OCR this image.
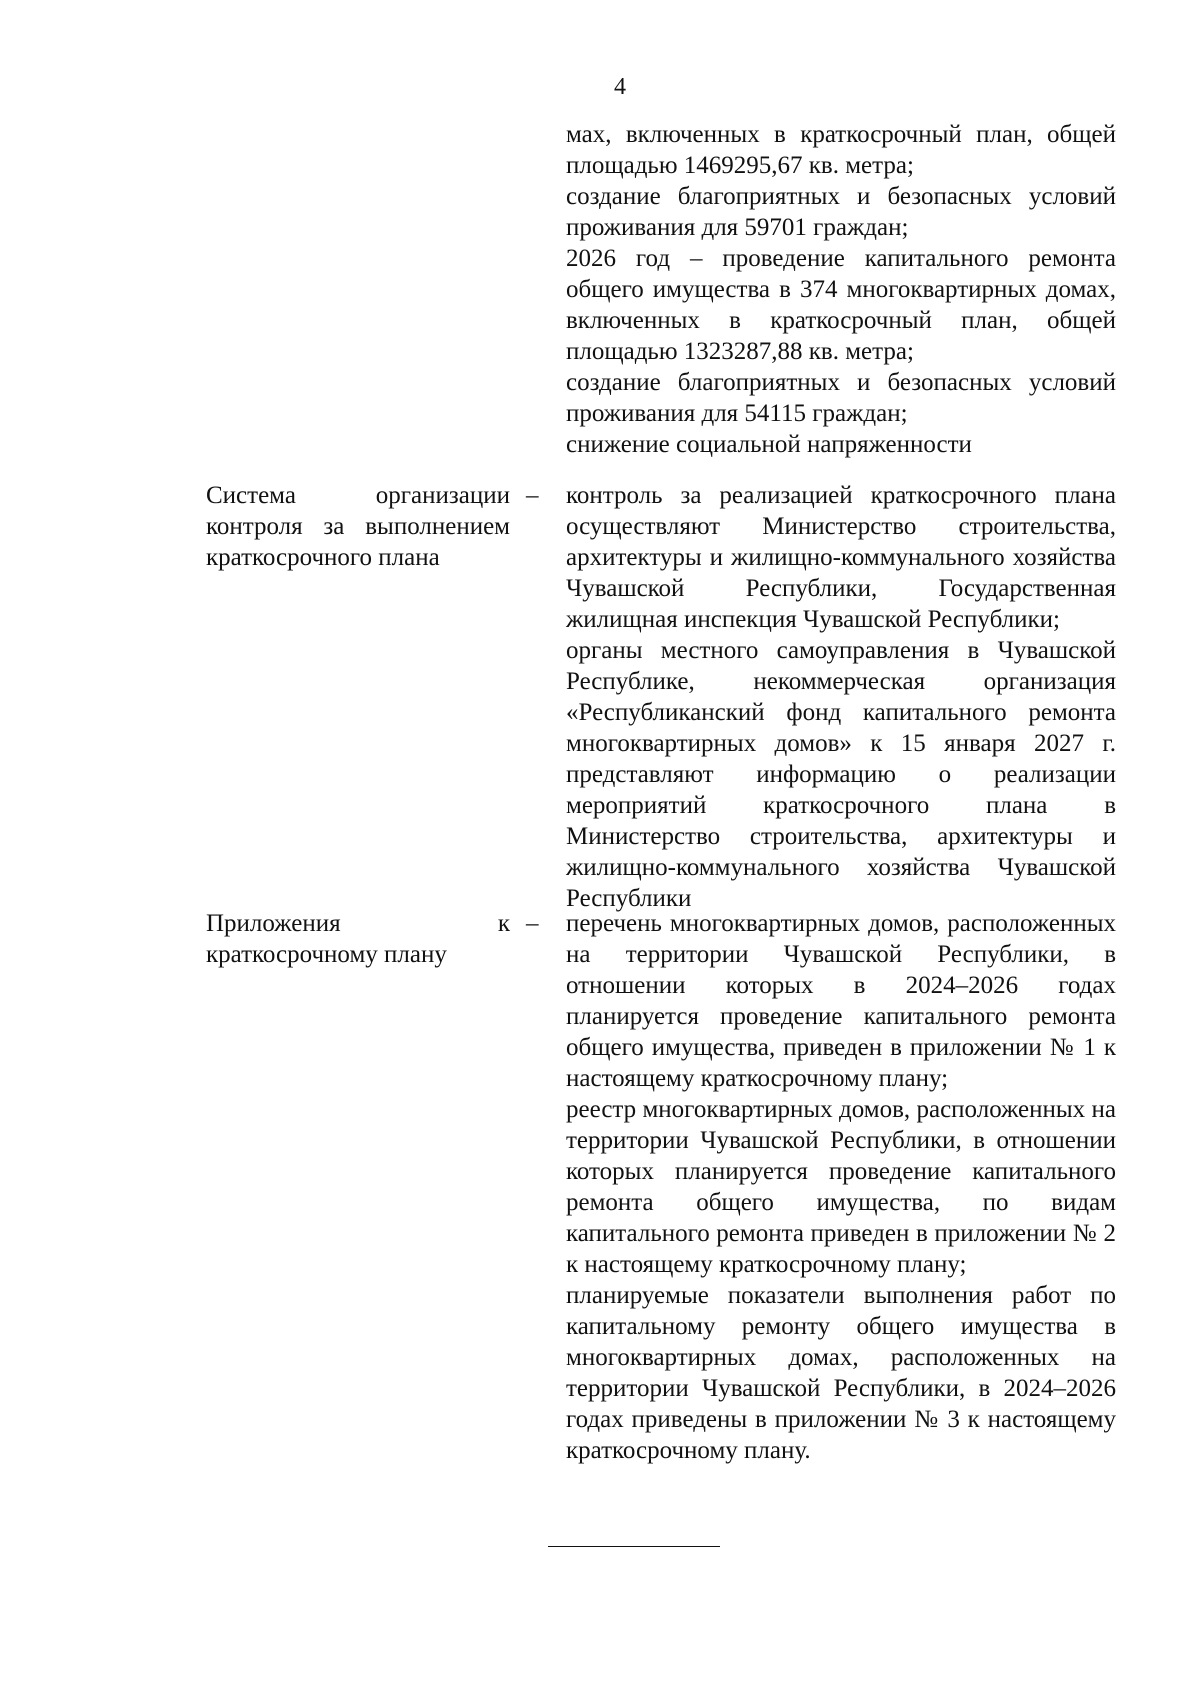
4

мах, включенных в краткосрочный план, общей площадью 1469295,67 кв. метра;

создание благоприятных и безопасных условий проживания для 59701 граждан;

2026 год – проведение капитального ремонта общего имущества в 374 многоквартирных домах, включенных в краткосрочный план, общей площадью 1323287,88 кв. метра;

создание благоприятных и безопасных условий проживания для 54115 граждан;

снижение социальной напряженности

Система организации контроля за выполнением краткосрочного плана
– контроль за реализацией краткосрочного плана осуществляют Министерство строительства, архитектуры и жилищно-коммунального хозяйства Чувашской Республики, Государственная жилищная инспекция Чувашской Республики;

органы местного самоуправления в Чувашской Республике, некоммерческая организация «Республиканский фонд капитального ремонта многоквартирных домов» к 15 января 2027 г. представляют информацию о реализации мероприятий краткосрочного плана в Министерство строительства, архитектуры и жилищно-коммунального хозяйства Чувашской Республики

Приложения к краткосрочному плану
– перечень многоквартирных домов, расположенных на территории Чувашской Республики, в отношении которых в 2024–2026 годах планируется проведение капитального ремонта общего имущества, приведен в приложении № 1 к настоящему краткосрочному плану;

реестр многоквартирных домов, расположенных на территории Чувашской Республики, в отношении которых планируется проведение капитального ремонта общего имущества, по видам капитального ремонта приведен в приложении № 2 к настоящему краткосрочному плану;

планируемые показатели выполнения работ по капитальному ремонту общего имущества в многоквартирных домах, расположенных на территории Чувашской Республики, в 2024–2026 годах приведены в приложении № 3 к настоящему краткосрочному плану.
